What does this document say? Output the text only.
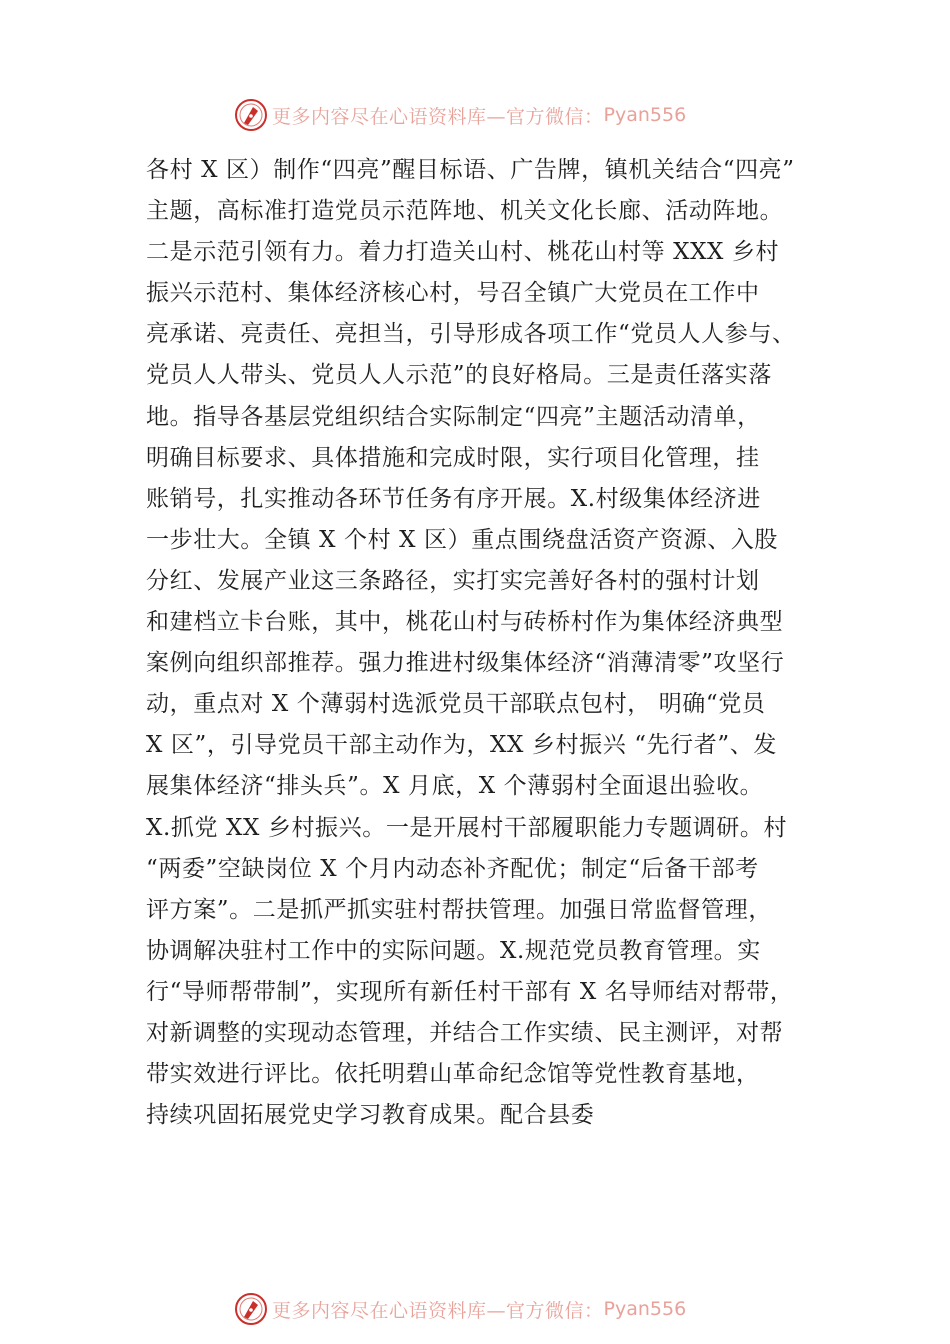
更多内容尽在心语资料库—官方微信： Pyan556
各村 X 区）制作“四亮”醒目标语、广告牌，镇机关结合“四亮”
主题，高标准打造党员示范阵地、机关文化长廊、活动阵地。
二是示范引领有力。着力打造关山村、桃花山村等 XXX 乡村
振兴示范村、集体经济核心村，号召全镇广大党员在工作中
亮承诺、亮责任、亮担当，引导形成各项工作“党员人人参与、
党员人人带头、党员人人示范”的良好格局。三是责任落实落
地。指导各基层党组织结合实际制定“四亮”主题活动清单，
明确目标要求、具体措施和完成时限，实行项目化管理，挂
账销号，扎实推动各环节任务有序开展。X.村级集体经济进
一步壮大。全镇 X 个村 X 区）重点围绕盘活资产资源、入股
分红、发展产业这三条路径，实打实完善好各村的强村计划
和建档立卡台账，其中，桃花山村与砖桥村作为集体经济典型
案例向组织部推荐。强力推进村级集体经济“消薄清零”攻坚行
动，重点对 X 个薄弱村选派党员干部联点包村， 明确“党员
X 区”，引导党员干部主动作为，XX 乡村振兴 “先行者”、发
展集体经济“排头兵”。X 月底，X 个薄弱村全面退出验收。
X.抓党 XX 乡村振兴。一是开展村干部履职能力专题调研。村
“两委”空缺岗位 X 个月内动态补齐配优；制定“后备干部考
评方案”。二是抓严抓实驻村帮扶管理。加强日常监督管理，
协调解决驻村工作中的实际问题。X.规范党员教育管理。实
行“导师帮带制”，实现所有新任村干部有 X 名导师结对帮带，
对新调整的实现动态管理，并结合工作实绩、民主测评，对帮
带实效进行评比。依托明碧山革命纪念馆等党性教育基地，
持续巩固拓展党史学习教育成果。配合县委
更多内容尽在心语资料库—官方微信： Pyan556
